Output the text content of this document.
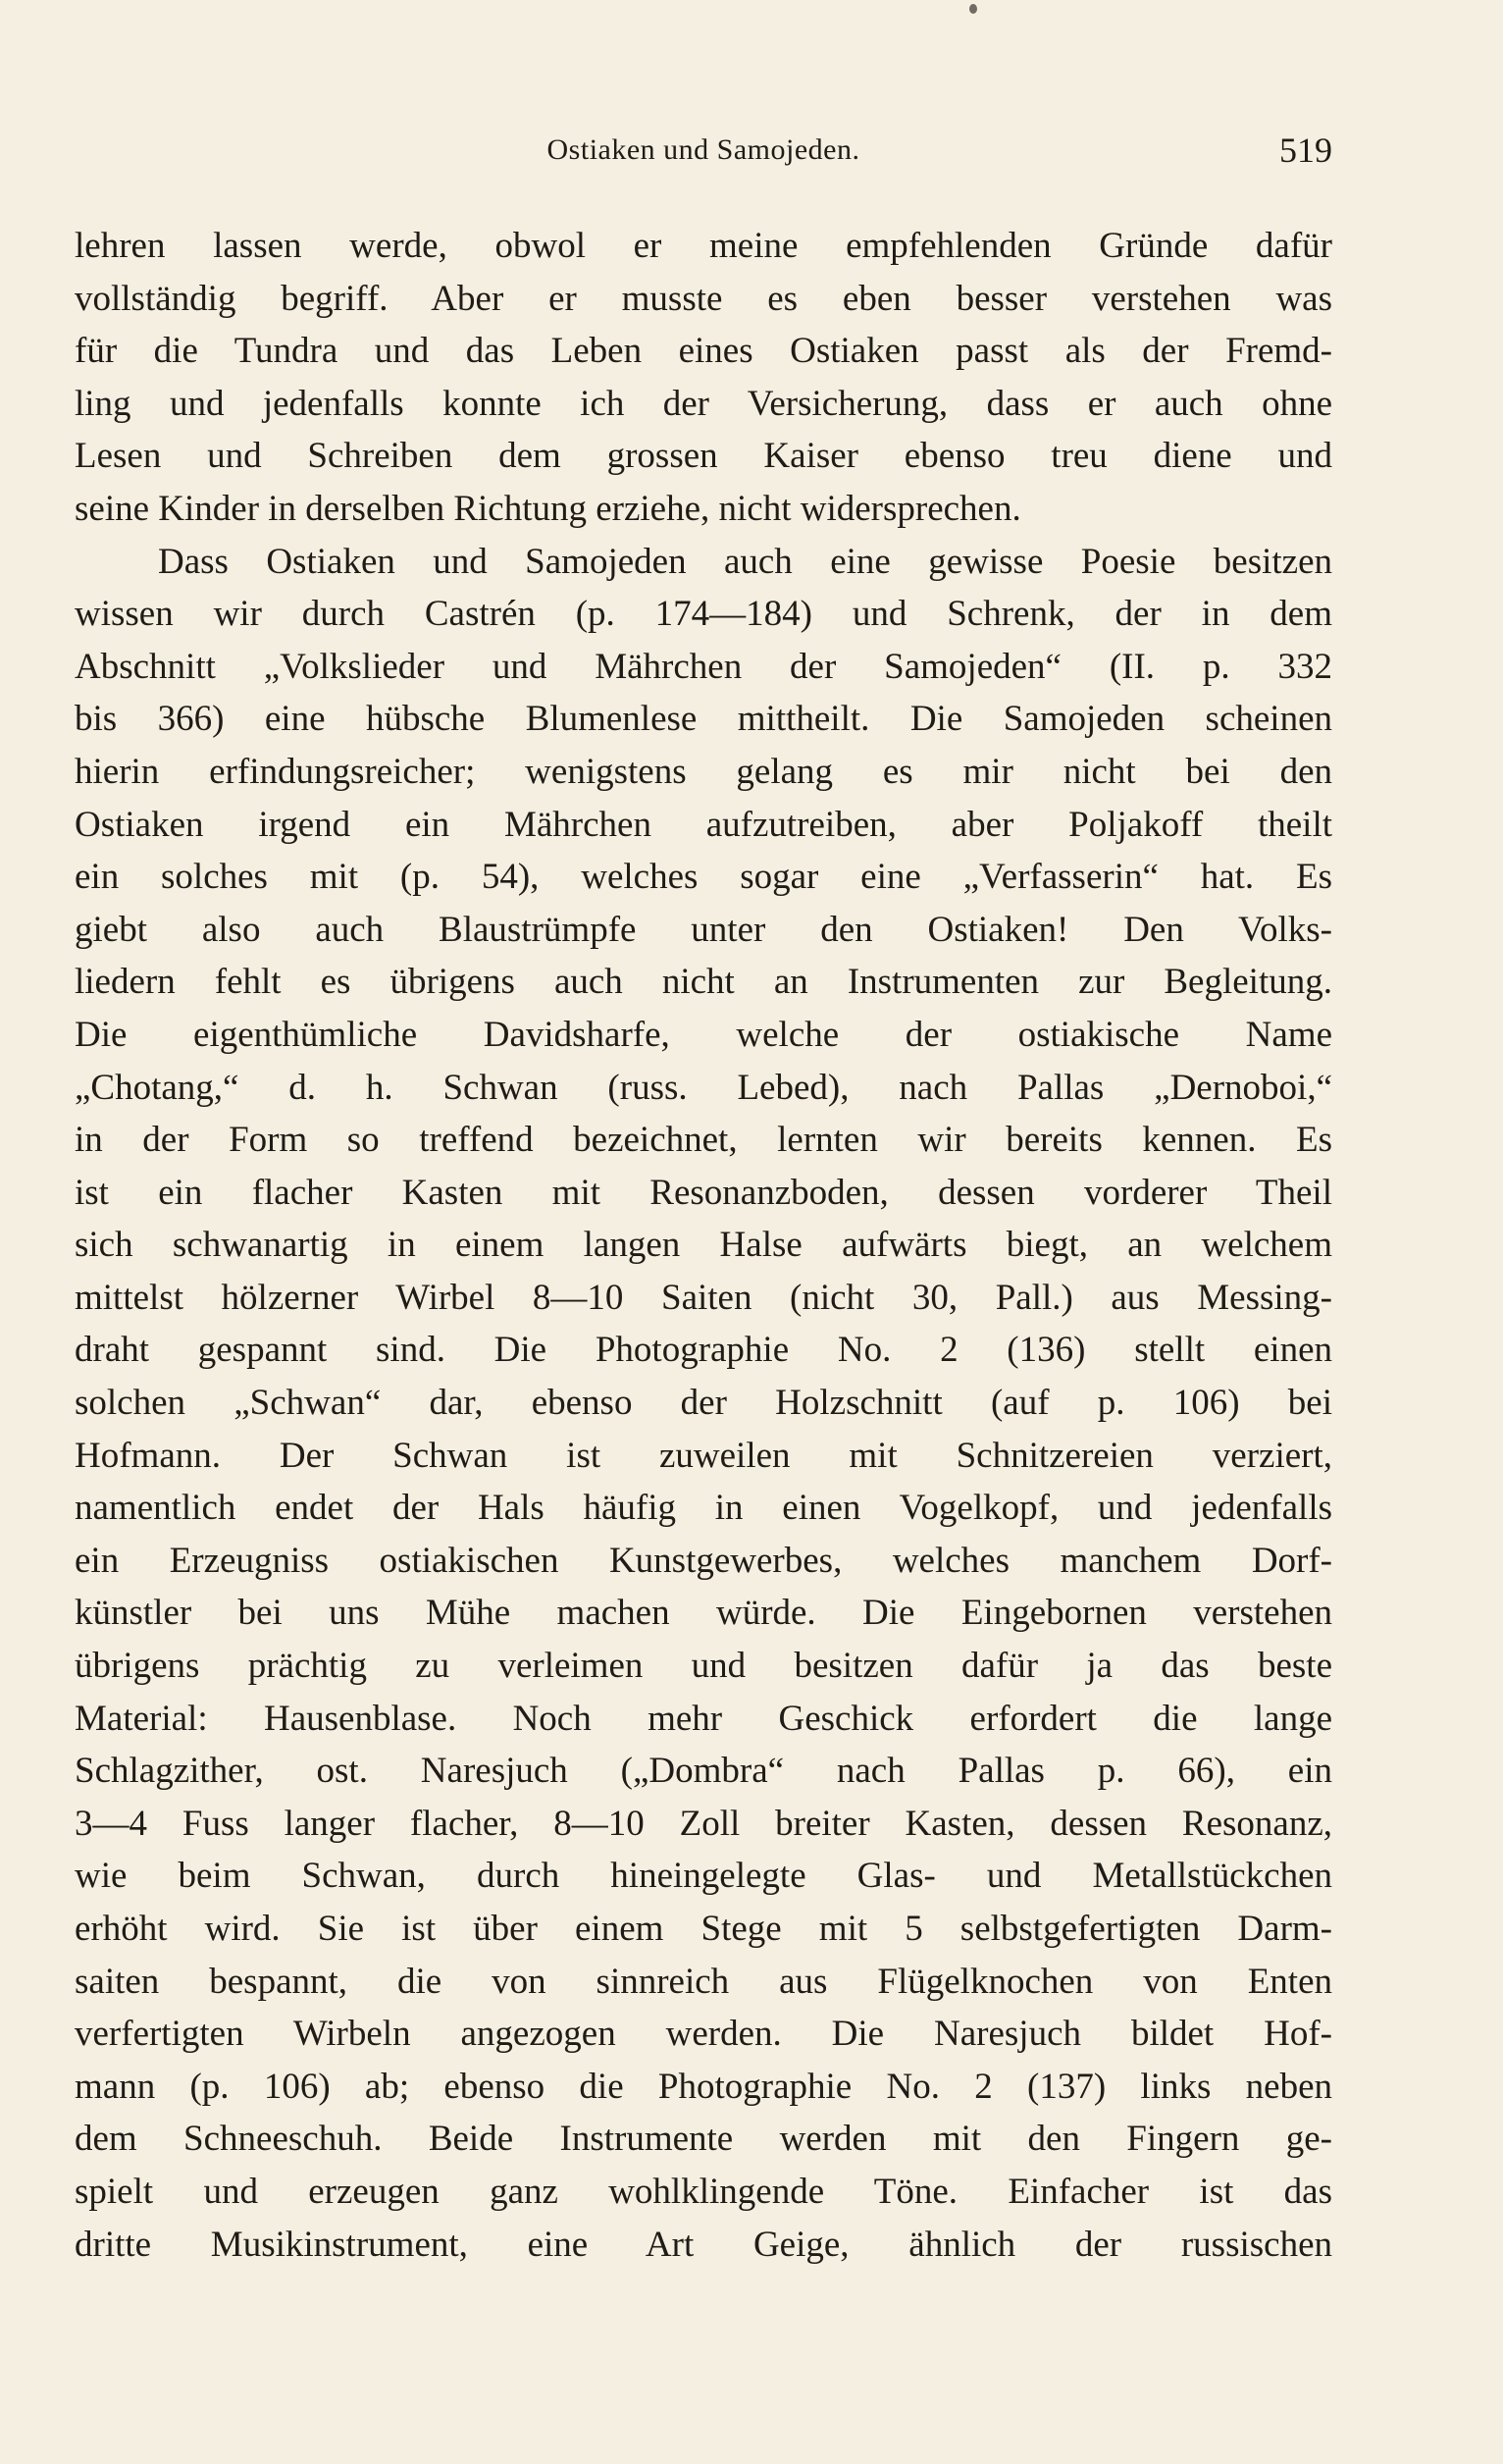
Ostiaken und Samojeden.	519
lehren lassen werde, obwol er meine empfehlenden Gründe dafür
vollständig begriff. Aber er musste es eben besser verstehen was
für die Tundra und das Leben eines Ostiaken passt als der Fremd-
ling und jedenfalls konnte ich der Versicherung, dass er auch ohne
Lesen und Schreiben dem grossen Kaiser ebenso treu diene und
seine Kinder in derselben Richtung erziehe, nicht widersprechen.
Dass Ostiaken und Samojeden auch eine gewisse Poesie besitzen
wissen wir durch Castrén (p. 174—184) und Schrenk, der in dem
Abschnitt „Volkslieder und Mährchen der Samojeden“ (II. p. 332
bis 366) eine hübsche Blumenlese mittheilt. Die Samojeden scheinen
hierin erfindungsreicher; wenigstens gelang es mir nicht bei den
Ostiaken irgend ein Mährchen aufzutreiben, aber Poljakoff theilt
ein solches mit (p. 54), welches sogar eine „Verfasserin“ hat. Es
giebt also auch Blaustrümpfe unter den Ostiaken! Den Volks-
liedern fehlt es übrigens auch nicht an Instrumenten zur Begleitung.
Die eigenthümliche Davidsharfe, welche der ostiakische Name
„Chotang,“ d. h. Schwan (russ. Lebed), nach Pallas „Dernoboi,“
in der Form so treffend bezeichnet, lernten wir bereits kennen. Es
ist ein flacher Kasten mit Resonanzboden, dessen vorderer Theil
sich schwanartig in einem langen Halse aufwärts biegt, an welchem
mittelst hölzerner Wirbel 8—10 Saiten (nicht 30, Pall.) aus Messing-
draht gespannt sind. Die Photographie No. 2 (136) stellt einen
solchen „Schwan“ dar, ebenso der Holzschnitt (auf p. 106) bei
Hofmann. Der Schwan ist zuweilen mit Schnitzereien verziert,
namentlich endet der Hals häufig in einen Vogelkopf, und jedenfalls
ein Erzeugniss ostiakischen Kunstgewerbes, welches manchem Dorf-
künstler bei uns Mühe machen würde. Die Eingebornen verstehen
übrigens prächtig zu verleimen und besitzen dafür ja das beste
Material: Hausenblase. Noch mehr Geschick erfordert die lange
Schlagzither, ost. Naresjuch („Dombra“ nach Pallas p. 66), ein
3—4 Fuss langer flacher, 8—10 Zoll breiter Kasten, dessen Resonanz,
wie beim Schwan, durch hineingelegte Glas- und Metallstückchen
erhöht wird. Sie ist über einem Stege mit 5 selbstgefertigten Darm-
saiten bespannt, die von sinnreich aus Flügelknochen von Enten
verfertigten Wirbeln angezogen werden. Die Naresjuch bildet Hof-
mann (p. 106) ab; ebenso die Photographie No. 2 (137) links neben
dem Schneeschuh. Beide Instrumente werden mit den Fingern ge-
spielt und erzeugen ganz wohlklingende Töne. Einfacher ist das
dritte Musikinstrument, eine Art Geige, ähnlich der russischen
